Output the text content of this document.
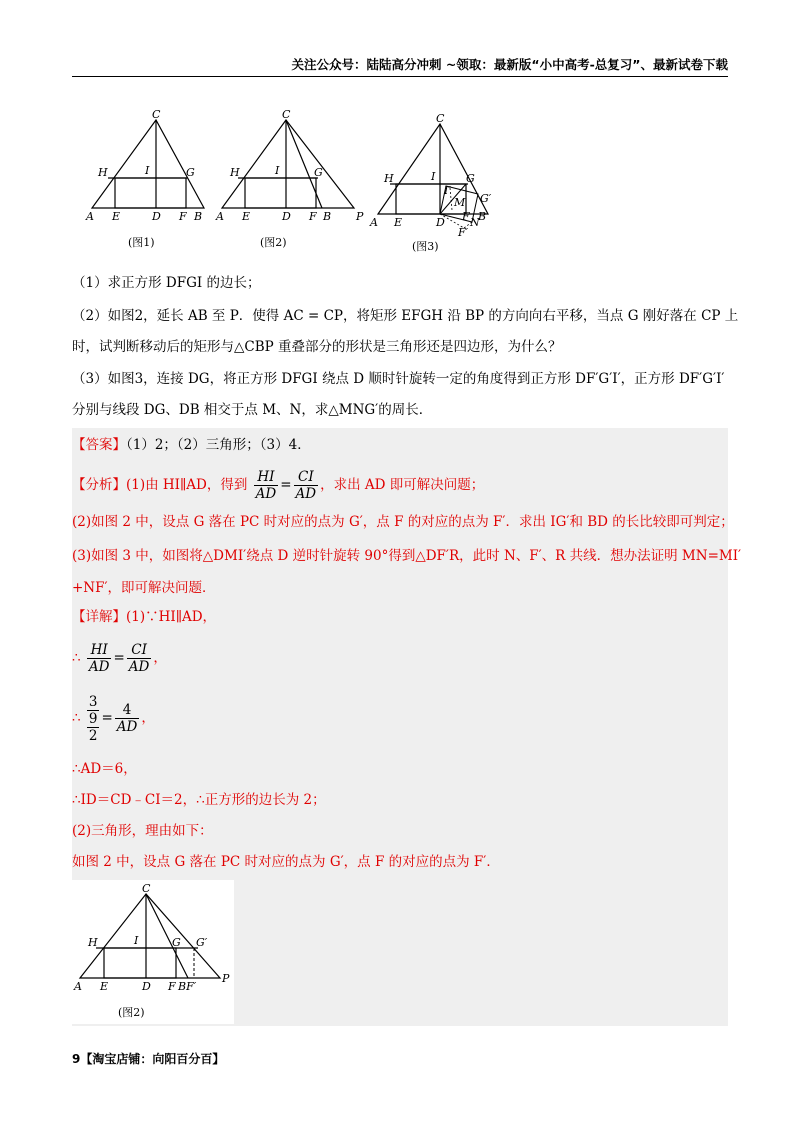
关注公众号：陆陆高分冲刺 ~领取：最新版“小中高考-总复习”、最新试卷下载
C
H	I	G
A E	D F B
(图1)
C
H	I	G
A E	D F B P
(图2)
C
H	I	G
G′
I′
M
N
A E	D F B
F′
(图3)
（1）求正方形 DFGI 的边长；
（2）如图2，延长 AB 至 P．使得 AC = CP，将矩形 EFGH 沿 BP 的方向向右平移，当点 G 刚好落在 CP 上
时，试判断移动后的矩形与△CBP 重叠部分的形状是三角形还是四边形，为什么？
（3）如图3，连接 DG，将正方形 DFGI 绕点 D 顺时针旋转一定的角度得到正方形 DF′G′I′，正方形 DF′G′I′
分别与线段 DG、DB 相交于点 M、N，求△MNG′的周长．
【答案】（1）2；（2）三角形；（3）4．
【分析】(1)由 HI∥AD，得到 $\frac{HI}{AD} = \frac{CI}{AD}$ ，求出 AD 即可解决问题；
(2)如图 2 中，设点 G 落在 PC 时对应的点为 G′，点 F 的对应的点为 F′．求出 IG′和 BD 的长比较即可判定；
(3)如图 3 中，如图将△DMI′绕点 D 逆时针旋转 90°得到△DF′R，此时 N、F′、R 共线．想办法证明 MN=MI′
+NF′，即可解决问题．
【详解】(1)∵HI∥AD，
∴ $\frac{HI}{AD} = \frac{CI}{AD}$ ，
∴
3
9
2
= $\frac{4}{AD}$ ，
∴AD＝6，
∴ID＝CD﹣CI＝2，∴正方形的边长为 2；
(2)三角形，理由如下：
如图 2 中，设点 G 落在 PC 时对应的点为 G′，点 F 的对应的点为 F′．
C
H	I	G G′
A E	D F BF′
P
(图2)
9【淘宝店铺：向阳百分百】
